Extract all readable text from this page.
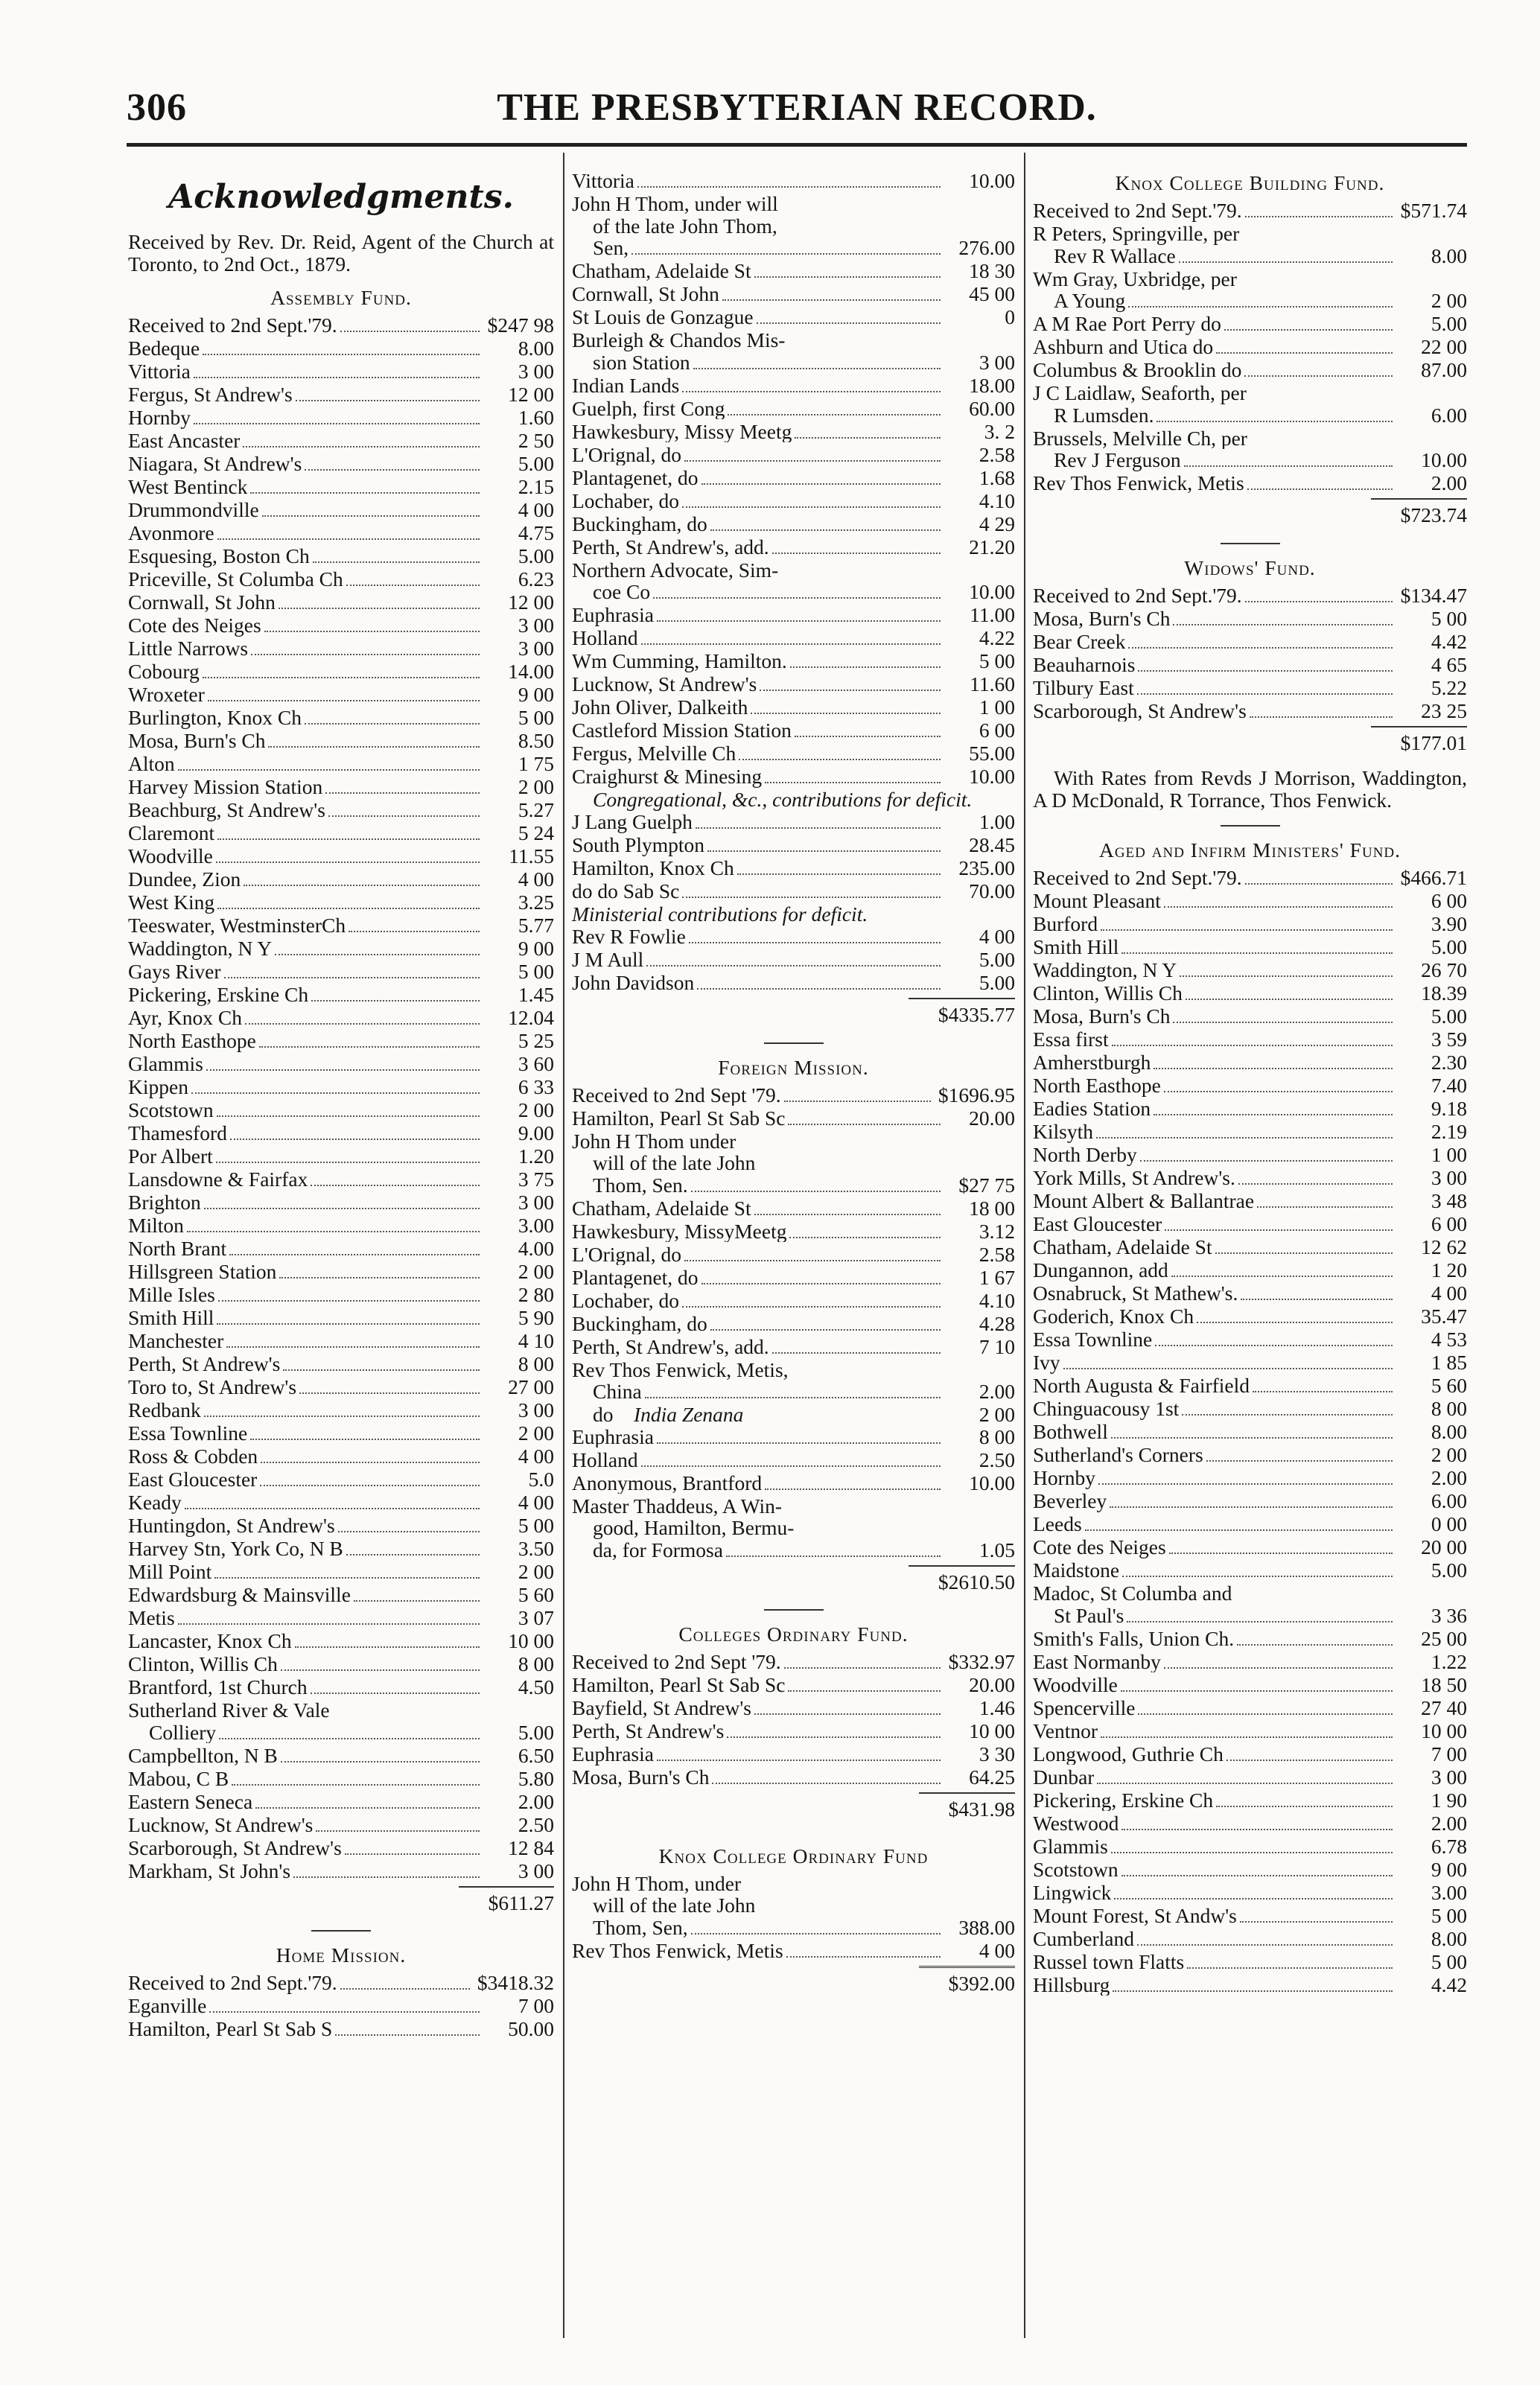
306	THE PRESBYTERIAN RECORD.
Acknowledgments.
Received by Rev. Dr. Reid, Agent of the Church at Toronto, to 2nd Oct., 1879.
Assembly Fund.
Received to 2nd Sept.'79.	$247 98
Bedeque	8.00
Vittoria	3 00
Fergus, St Andrew's	12 00
Hornby	1.60
East Ancaster	2 50
Niagara, St Andrew's	5.00
West Bentinck	2.15
Drummondville	4 00
Avonmore	4.75
Esquesing, Boston Ch	5.00
Priceville, St Columba Ch	6.23
Cornwall, St John	12 00
Cote des Neiges	3 00
Little Narrows	3 00
Cobourg	14.00
Wroxeter	9 00
Burlington, Knox Ch	5 00
Mosa, Burn's Ch	8.50
Alton	1 75
Harvey Mission Station	2 00
Beachburg, St Andrew's	5.27
Claremont	5 24
Woodville	11.55
Dundee, Zion	4 00
West King	3.25
Teeswater, WestminsterCh	5.77
Waddington, N Y	9 00
Gays River	5 00
Pickering, Erskine Ch	1.45
Ayr, Knox Ch	12.04
North Easthope	5 25
Glammis	3 60
Kippen	6 33
Scotstown	2 00
Thamesford	9.00
Por Albert	1.20
Lansdowne & Fairfax	3 75
Brighton	3 00
Milton	3.00
North Brant	4.00
Hillsgreen Station	2 00
Mille Isles	2 80
Smith Hill	5 90
Manchester	4 10
Perth, St Andrew's	8 00
Toro to, St Andrew's	27 00
Redbank	3 00
Essa Townline	2 00
Ross & Cobden	4 00
East Gloucester	5.0
Keady	4 00
Huntingdon, St Andrew's	5 00
Harvey Stn, York Co, N B	3.50
Mill Point	2 00
Edwardsburg & Mainsville	5 60
Metis	3 07
Lancaster, Knox Ch	10 00
Clinton, Willis Ch	8 00
Brantford, 1st Church	4.50
Sutherland River & Vale
Colliery	5.00
Campbellton, N B	6.50
Mabou, C B	5.80
Eastern Seneca	2.00
Lucknow, St Andrew's	2.50
Scarborough, St Andrew's	12 84
Markham, St John's	3 00
$611.27
Home Mission.
Received to 2nd Sept.'79.	$3418.32
Eganville	7 00
Hamilton, Pearl St Sab S	50.00
Vittoria	10.00
John H Thom, under will
of the late John Thom,
Sen,	276.00
Chatham, Adelaide St	18 30
Cornwall, St John	45 00
St Louis de Gonzague	0
Burleigh & Chandos Mis-
sion Station	3 00
Indian Lands	18.00
Guelph, first Cong	60.00
Hawkesbury, Missy Meetg	3. 2
L'Orignal, do	2.58
Plantagenet, do	1.68
Lochaber, do	4.10
Buckingham, do	4 29
Perth, St Andrew's, add.	21.20
Northern Advocate, Sim-
coe Co	10.00
Euphrasia	11.00
Holland	4.22
Wm Cumming, Hamilton.	5 00
Lucknow, St Andrew's	11.60
John Oliver, Dalkeith	1 00
Castleford Mission Station	6 00
Fergus, Melville Ch	55.00
Craighurst & Minesing	10.00
Congregational, &c., contributions for deficit.
J Lang Guelph	1.00
South Plympton	28.45
Hamilton, Knox Ch	235.00
do do Sab Sc	70.00
Ministerial contributions for deficit.
Rev R Fowlie	4 00
J M Aull	5.00
John Davidson	5.00
$4335.77
Foreign Mission.
Received to 2nd Sept '79.	$1696.95
Hamilton, Pearl St Sab Sc	20.00
John H Thom under
will of the late John
Thom, Sen.	$27 75
Chatham, Adelaide St	18 00
Hawkesbury, MissyMeetg	3.12
L'Orignal, do	2.58
Plantagenet, do	1 67
Lochaber, do	4.10
Buckingham, do	4.28
Perth, St Andrew's, add.	7 10
Rev Thos Fenwick, Metis,
China	2.00
do India Zenana	2 00
Euphrasia	8 00
Holland	2.50
Anonymous, Brantford	10.00
Master Thaddeus, A Win-
good, Hamilton, Bermu-
da, for Formosa	1.05
$2610.50
Colleges Ordinary Fund.
Received to 2nd Sept '79.	$332.97
Hamilton, Pearl St Sab Sc	20.00
Bayfield, St Andrew's	1.46
Perth, St Andrew's	10 00
Euphrasia	3 30
Mosa, Burn's Ch	64.25
$431.98
Knox College Ordinary Fund
John H Thom, under
will of the late John
Thom, Sen,	388.00
Rev Thos Fenwick, Metis	4 00
$392.00
Knox College Building Fund.
Received to 2nd Sept.'79.	$571.74
R Peters, Springville, per
Rev R Wallace	8.00
Wm Gray, Uxbridge, per
A Young	2 00
A M Rae Port Perry do	5.00
Ashburn and Utica do	22 00
Columbus & Brooklin do	87.00
J C Laidlaw, Seaforth, per
R Lumsden.	6.00
Brussels, Melville Ch, per
Rev J Ferguson	10.00
Rev Thos Fenwick, Metis	2.00
$723.74
Widows' Fund.
Received to 2nd Sept.'79.	$134.47
Mosa, Burn's Ch	5 00
Bear Creek	4.42
Beauharnois	4 65
Tilbury East	5.22
Scarborough, St Andrew's	23 25
$177.01
With Rates from Revds J Morrison, Waddington, A D McDonald, R Torrance, Thos Fenwick.
Aged and Infirm Ministers' Fund.
Received to 2nd Sept.'79.	$466.71
Mount Pleasant	6 00
Burford	3.90
Smith Hill	5.00
Waddington, N Y	26 70
Clinton, Willis Ch	18.39
Mosa, Burn's Ch	5.00
Essa first	3 59
Amherstburgh	2.30
North Easthope	7.40
Eadies Station	9.18
Kilsyth	2.19
North Derby	1 00
York Mills, St Andrew's.	3 00
Mount Albert & Ballantrae	3 48
East Gloucester	6 00
Chatham, Adelaide St	12 62
Dungannon, add	1 20
Osnabruck, St Mathew's.	4 00
Goderich, Knox Ch	35.47
Essa Townline	4 53
Ivy	1 85
North Augusta & Fairfield	5 60
Chinguacousy 1st	8 00
Bothwell	8.00
Sutherland's Corners	2 00
Hornby	2.00
Beverley	6.00
Leeds	0 00
Cote des Neiges	20 00
Maidstone	5.00
Madoc, St Columba and
St Paul's	3 36
Smith's Falls, Union Ch.	25 00
East Normanby	1.22
Woodville	18 50
Spencerville	27 40
Ventnor	10 00
Longwood, Guthrie Ch	7 00
Dunbar	3 00
Pickering, Erskine Ch	1 90
Westwood	2.00
Glammis	6.78
Scotstown	9 00
Lingwick	3.00
Mount Forest, St Andw's	5 00
Cumberland	8.00
Russel town Flatts	5 00
Hillsburg	4.42
